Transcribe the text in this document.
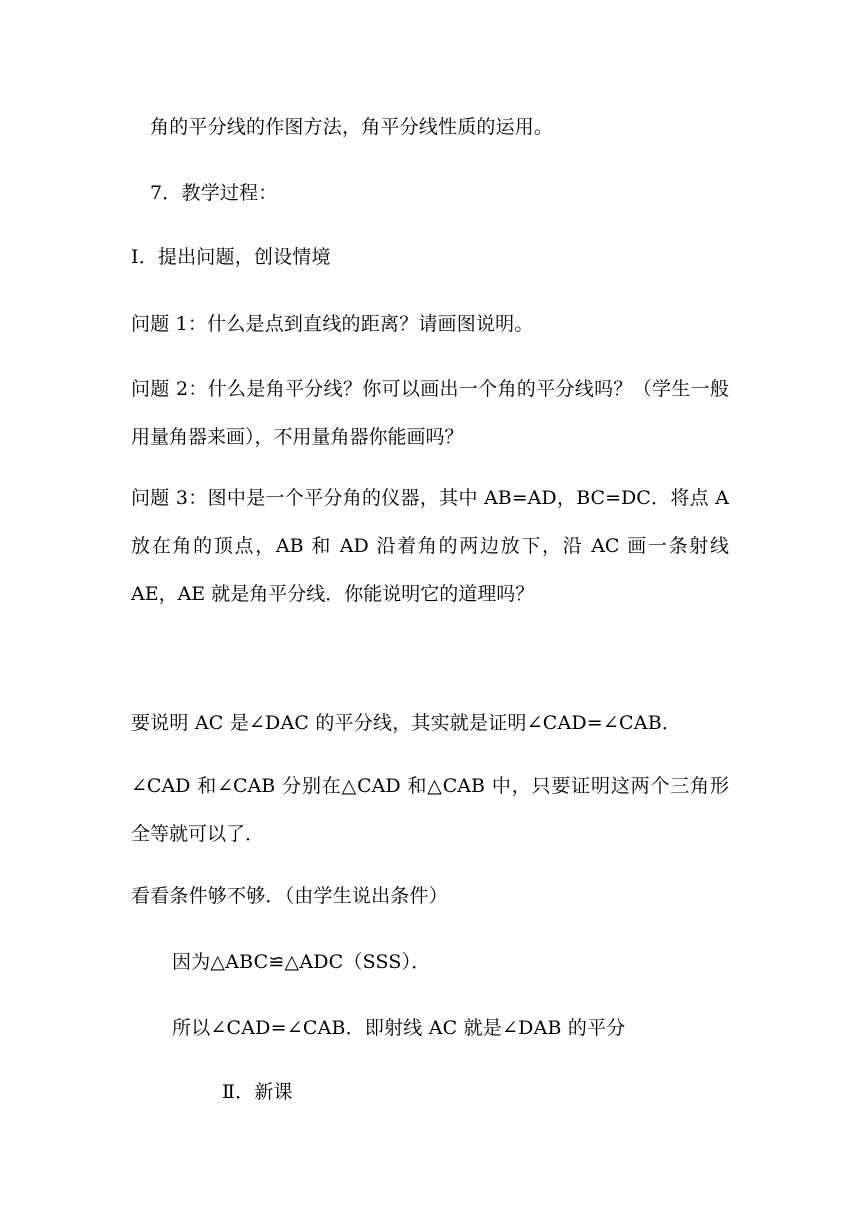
角的平分线的作图方法，角平分线性质的运用。
7．教学过程：
Ⅰ．提出问题，创设情境
问题 1：什么是点到直线的距离？请画图说明。
问题 2：什么是角平分线？你可以画出一个角的平分线吗？（学生一般用量角器来画），不用量角器你能画吗？
问题 3：图中是一个平分角的仪器，其中 AB=AD，BC=DC．将点 A 放在角的顶点，AB 和 AD 沿着角的两边放下，沿 AC 画一条射线 AE，AE 就是角平分线．你能说明它的道理吗？
要说明 AC 是∠DAC 的平分线，其实就是证明∠CAD=∠CAB．
∠CAD 和∠CAB 分别在△CAD 和△CAB 中，只要证明这两个三角形全等就可以了．
看看条件够不够．（由学生说出条件）
因为△ABC≌△ADC（SSS）．
所以∠CAD=∠CAB．即射线 AC 就是∠DAB 的平分
Ⅱ．新课
